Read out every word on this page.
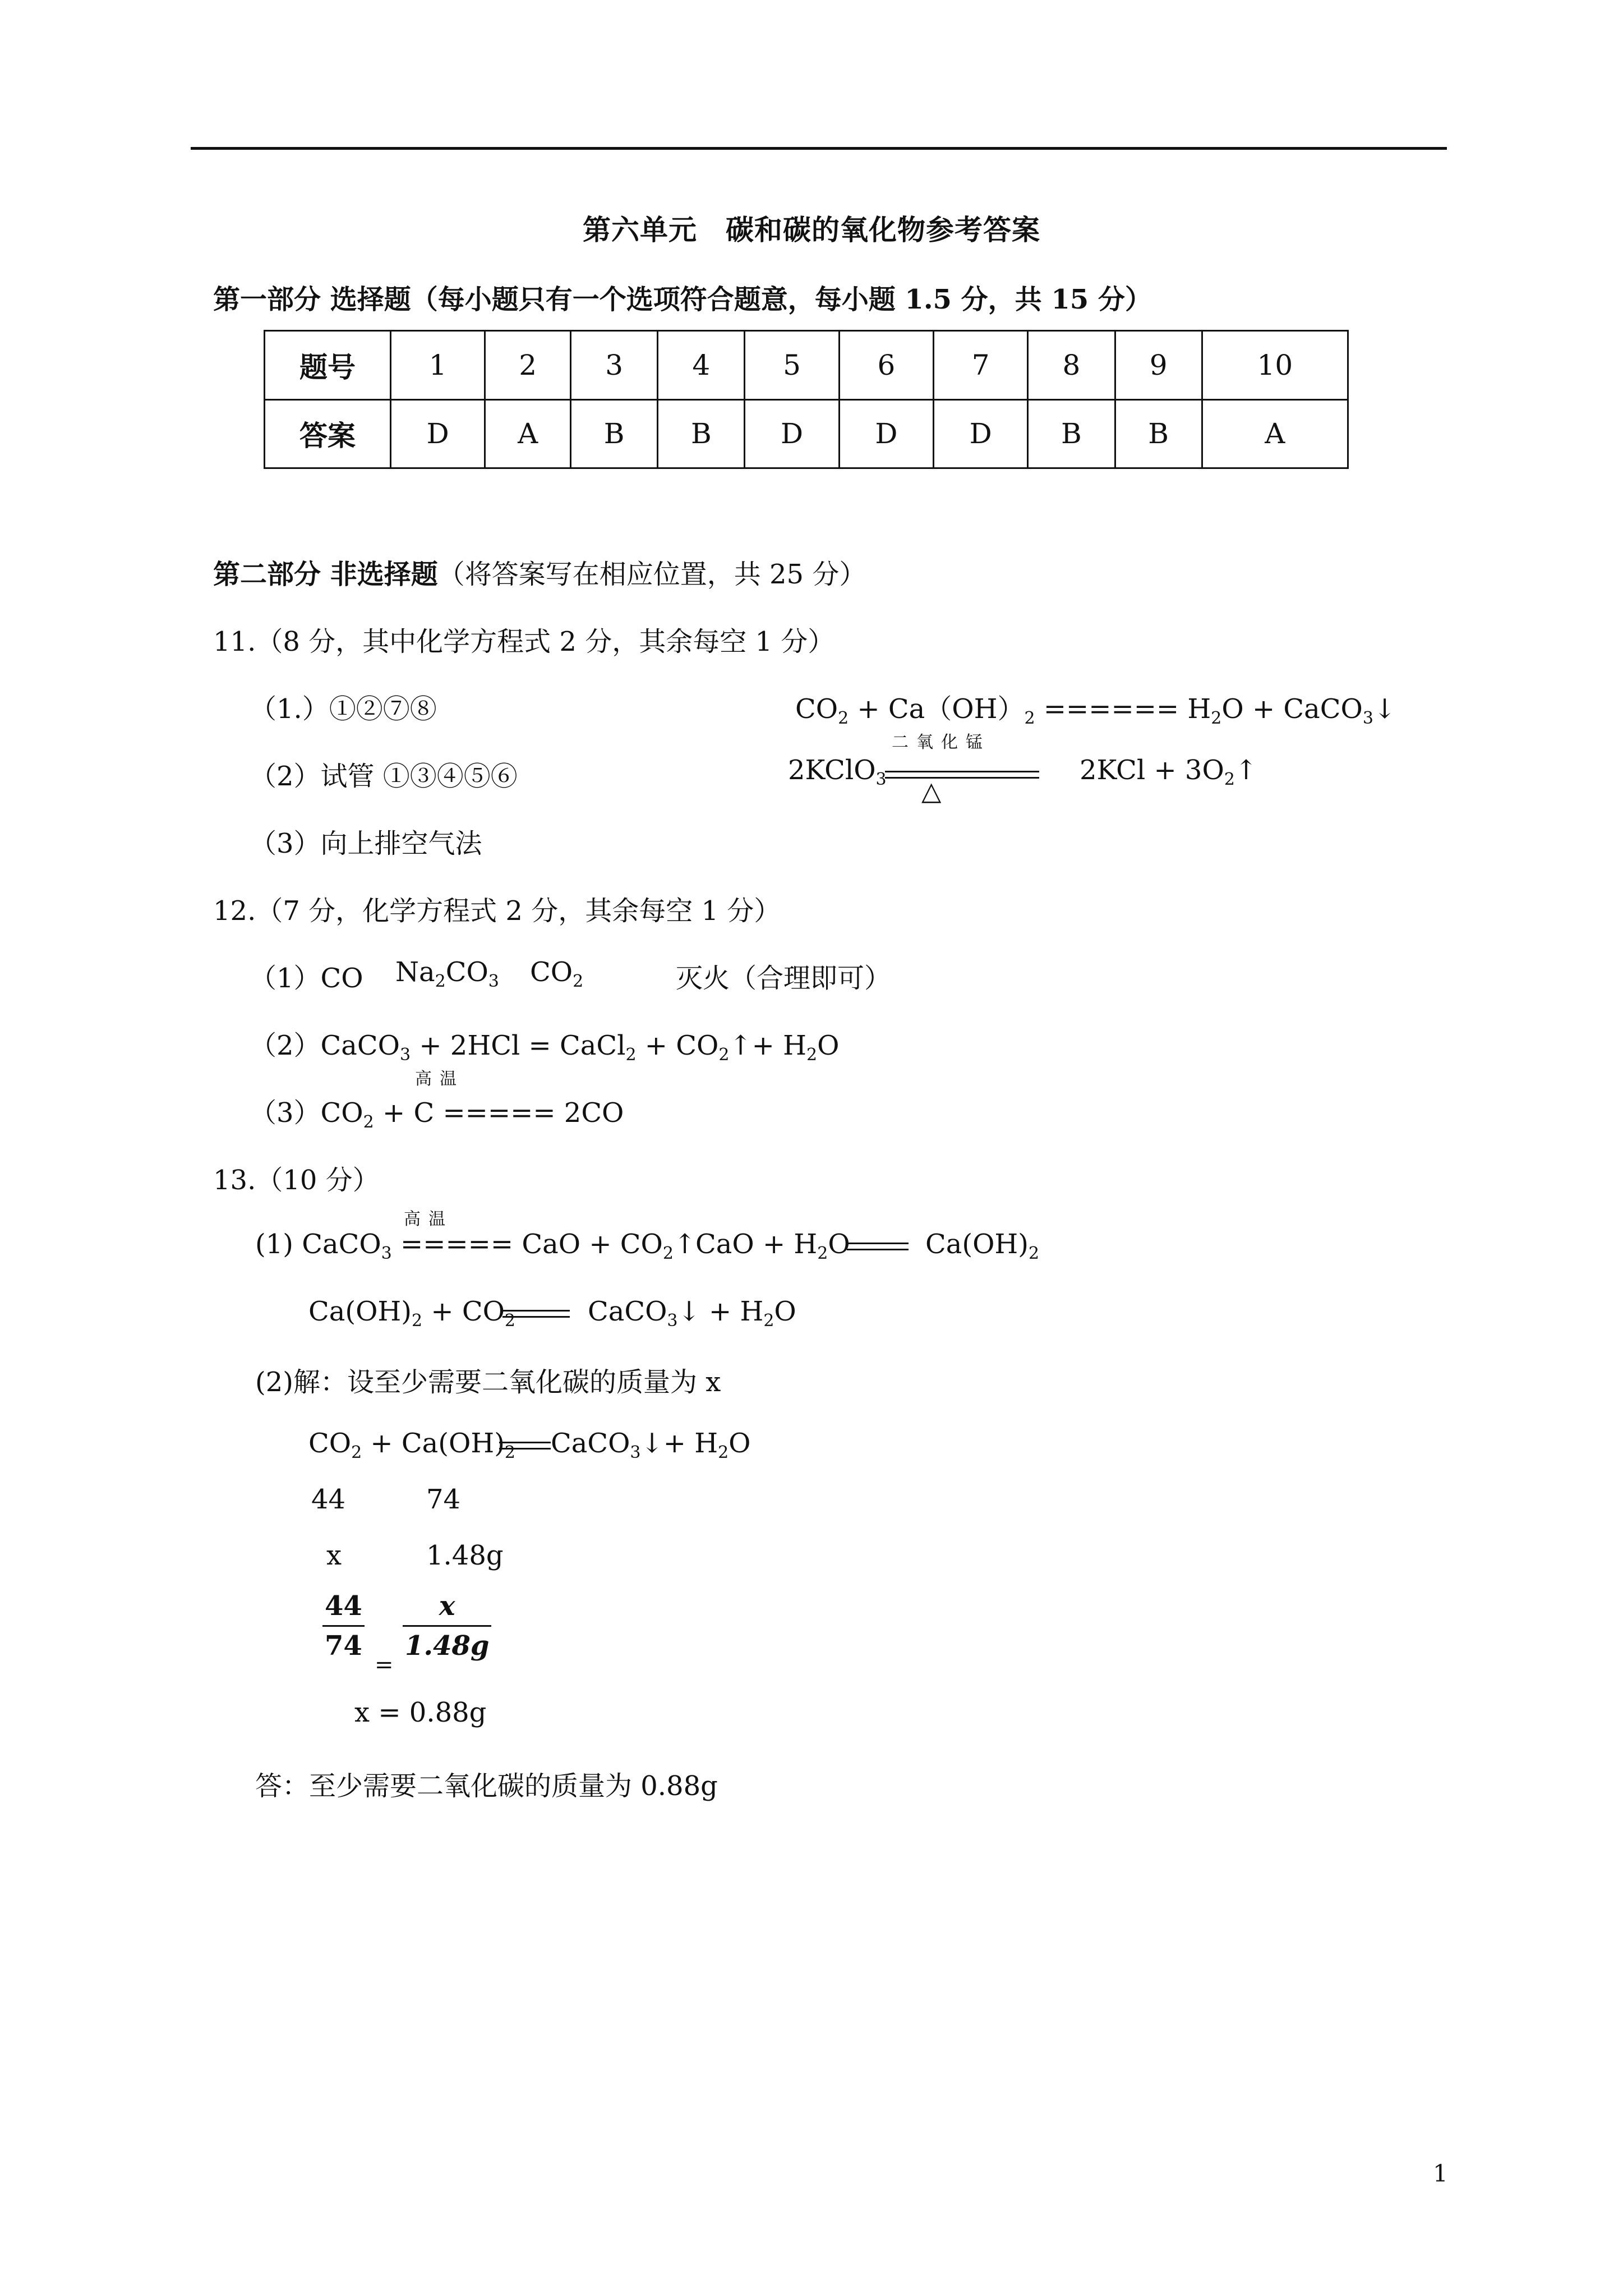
第六单元　碳和碳的氧化物参考答案
第一部分 选择题（每小题只有一个选项符合题意，每小题 1.5 分，共 15 分）
题号	1	2	3	4	5	6	7	8	9	10
答案	D	A	B	B	D	D	D	B	B	A
第二部分 非选择题（将答案写在相应位置，共 25 分）
11.（8 分，其中化学方程式 2 分，其余每空 1 分）
（1.）①②⑦⑧	$CO_2 + Ca(OH)_2$ ====== $H_2O$ + CaCO$_3$↓
（2）试管 ①③④⑤⑥	2KClO$_3$
二氧化锰
△
$2KCl + 3O_2↑$
（3）向上排空气法
12.（7 分，化学方程式 2 分，其余每空 1 分）
（1）CO $Na_2CO_3$ $CO_2$	灭火（合理即可）
（2）CaCO$_3$ + 2HCl = CaCl$_2$ + $CO_2↑+ H_2O$
高温
$(3)CO_2 + C$ ===== 2CO
13.（10 分）
高温
(1) CaCO$_3$ ===== CaO + $CO_2↑$
CaO + $H_2O$	$Ca(OH)_2$
$Ca(OH)_2 + CO_2$	CaCO$_3$↓ + $H_2O$
(2)解：设至少需要二氧化碳的质量为 x
$CO_2 + Ca(OH)_2$ CaCO$_3$↓+ $H_2O$
44	74
x	1.48g
$\frac{44}{74}$
=
$\frac{x}{1.48g}$
x = 0.88g
答：至少需要二氧化碳的质量为 0.88g
1
